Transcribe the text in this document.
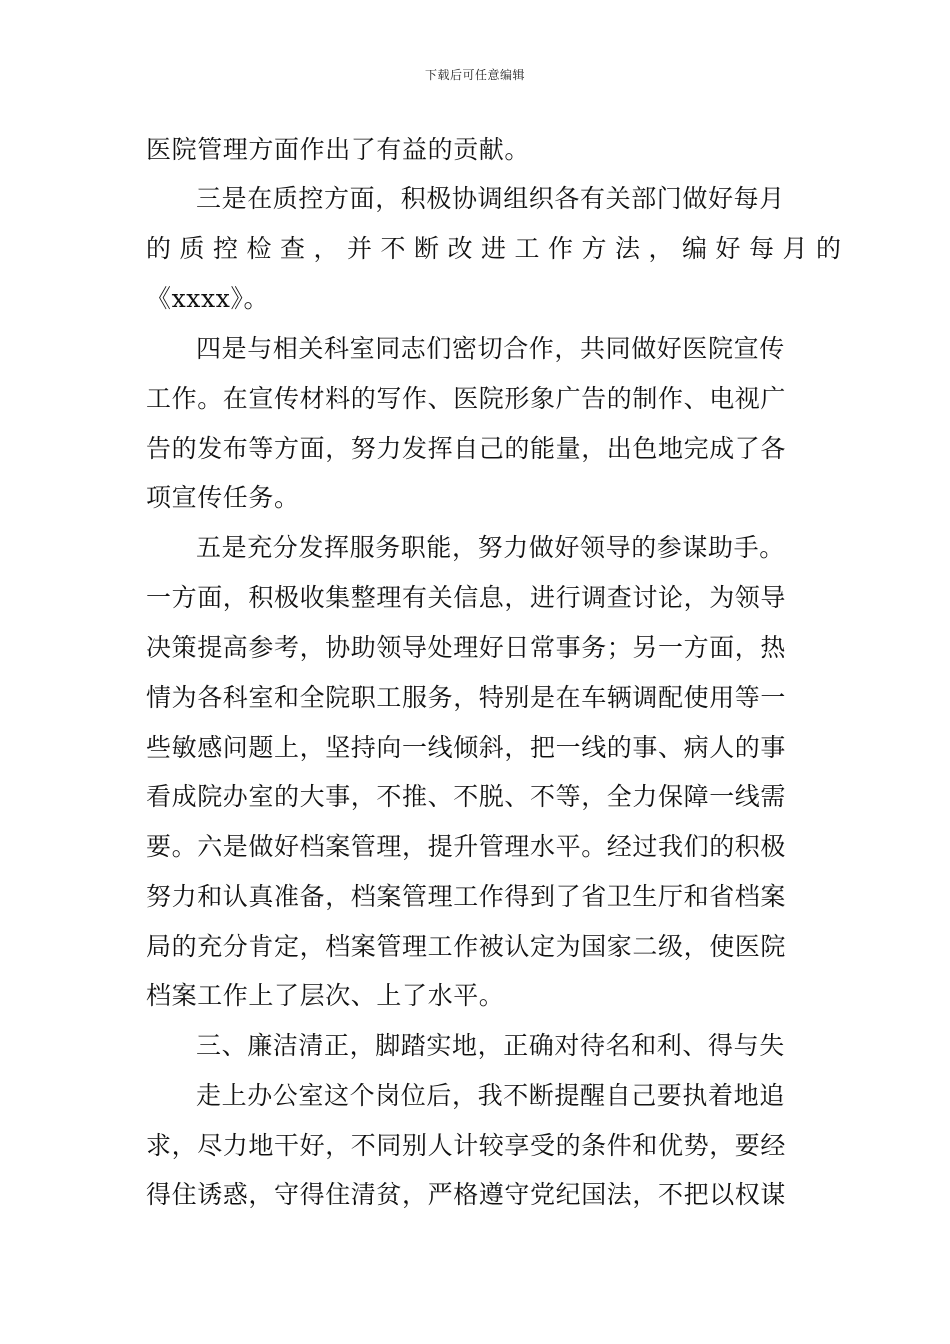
下载后可任意编辑
医院管理方面作出了有益的贡献。
三是在质控方面，积极协调组织各有关部门做好每月
的质控检查，并不断改进工作方法，编好每月的
《xxxx》。
四是与相关科室同志们密切合作，共同做好医院宣传
工作。在宣传材料的写作、医院形象广告的制作、电视广
告的发布等方面，努力发挥自己的能量，出色地完成了各
项宣传任务。
五是充分发挥服务职能，努力做好领导的参谋助手。
一方面，积极收集整理有关信息，进行调查讨论，为领导
决策提高参考，协助领导处理好日常事务；另一方面，热
情为各科室和全院职工服务，特别是在车辆调配使用等一
些敏感问题上，坚持向一线倾斜，把一线的事、病人的事
看成院办室的大事，不推、不脱、不等，全力保障一线需
要。六是做好档案管理，提升管理水平。经过我们的积极
努力和认真准备，档案管理工作得到了省卫生厅和省档案
局的充分肯定，档案管理工作被认定为国家二级，使医院
档案工作上了层次、上了水平。
三、廉洁清正，脚踏实地，正确对待名和利、得与失
走上办公室这个岗位后，我不断提醒自己要执着地追
求，尽力地干好，不同别人计较享受的条件和优势，要经
得住诱惑，守得住清贫，严格遵守党纪国法，不把以权谋
